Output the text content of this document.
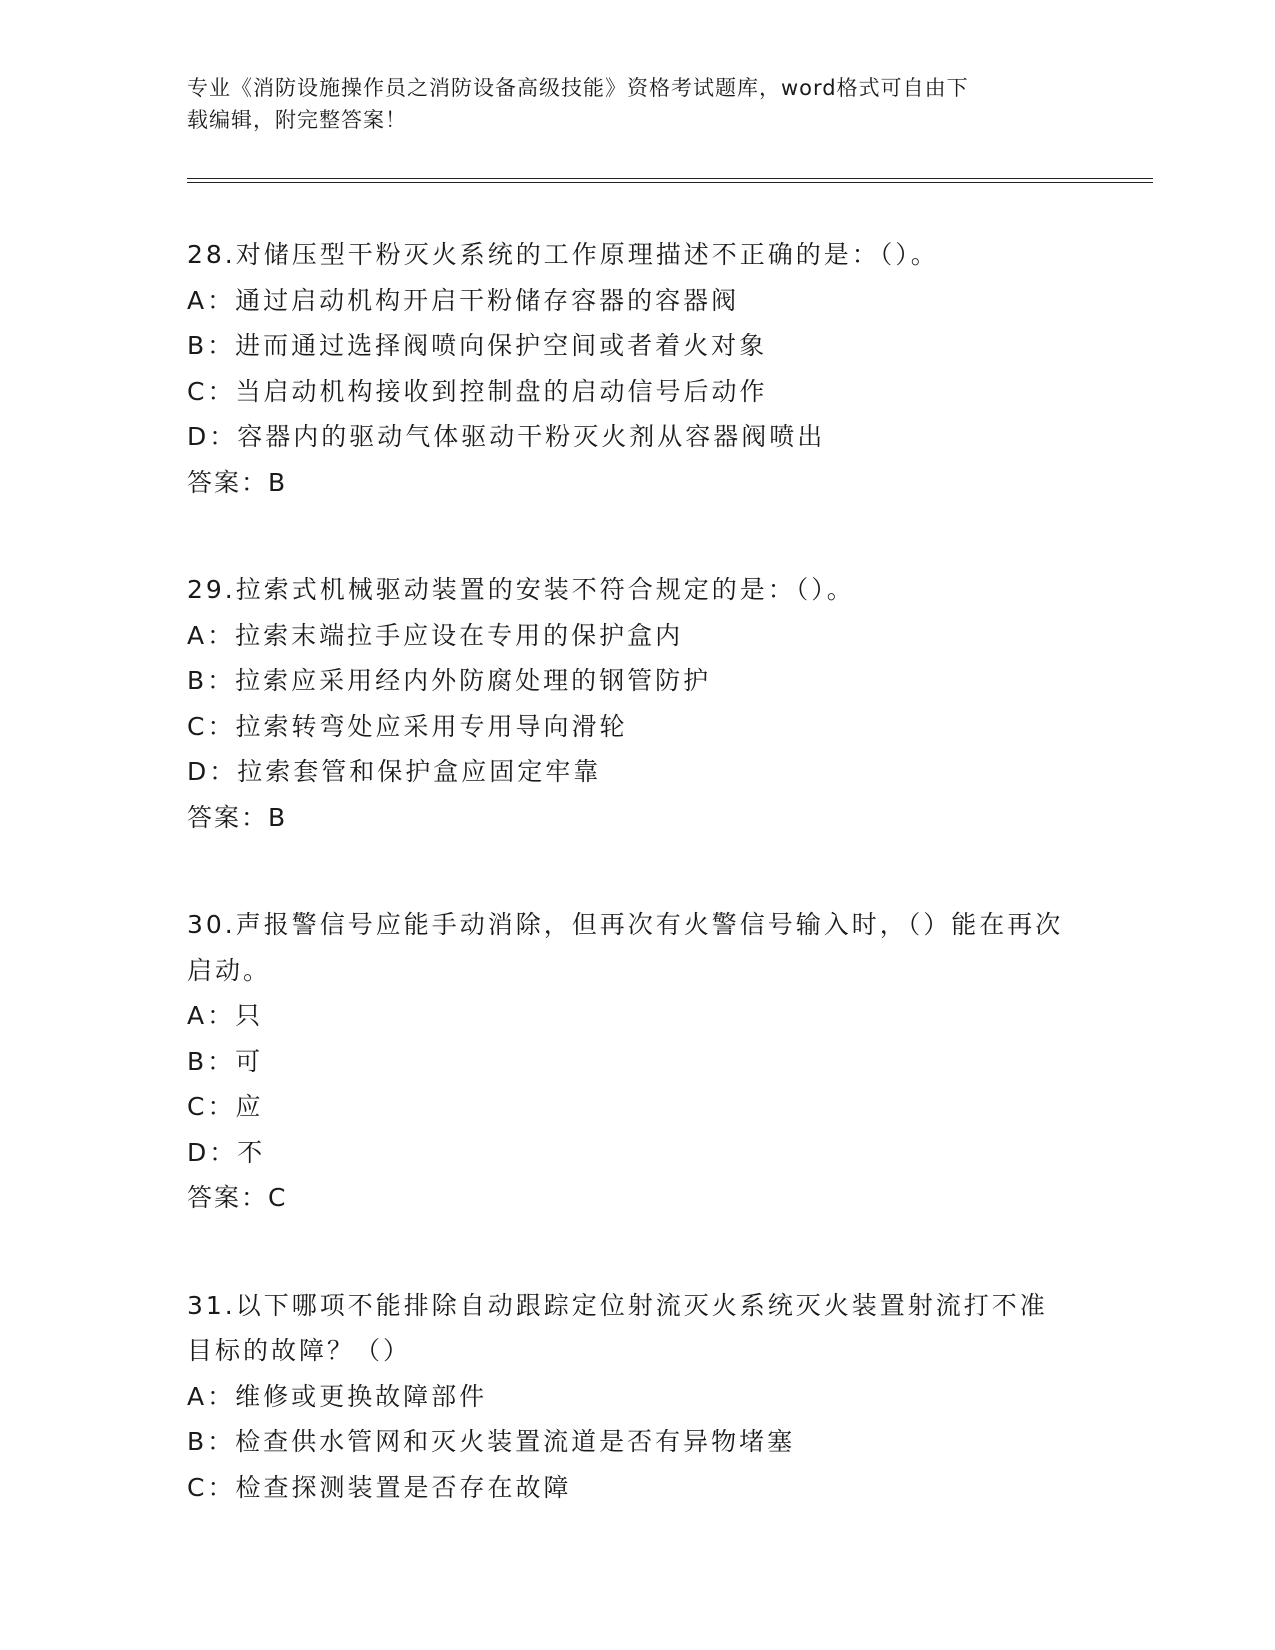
专业《消防设施操作员之消防设备高级技能》资格考试题库，word格式可自由下
载编辑，附完整答案！
28.对储压型干粉灭火系统的工作原理描述不正确的是：（）。
A：通过启动机构开启干粉储存容器的容器阀
B：进而通过选择阀喷向保护空间或者着火对象
C：当启动机构接收到控制盘的启动信号后动作
D：容器内的驱动气体驱动干粉灭火剂从容器阀喷出
答案：B
29.拉索式机械驱动装置的安装不符合规定的是：（）。
A：拉索末端拉手应设在专用的保护盒内
B：拉索应采用经内外防腐处理的钢管防护
C：拉索转弯处应采用专用导向滑轮
D：拉索套管和保护盒应固定牢靠
答案：B
30.声报警信号应能手动消除，但再次有火警信号输入时，（）能在再次启动。
A：只
B：可
C：应
D：不
答案：C
31.以下哪项不能排除自动跟踪定位射流灭火系统灭火装置射流打不准目标的故障？（）
A：维修或更换故障部件
B：检查供水管网和灭火装置流道是否有异物堵塞
C：检查探测装置是否存在故障
